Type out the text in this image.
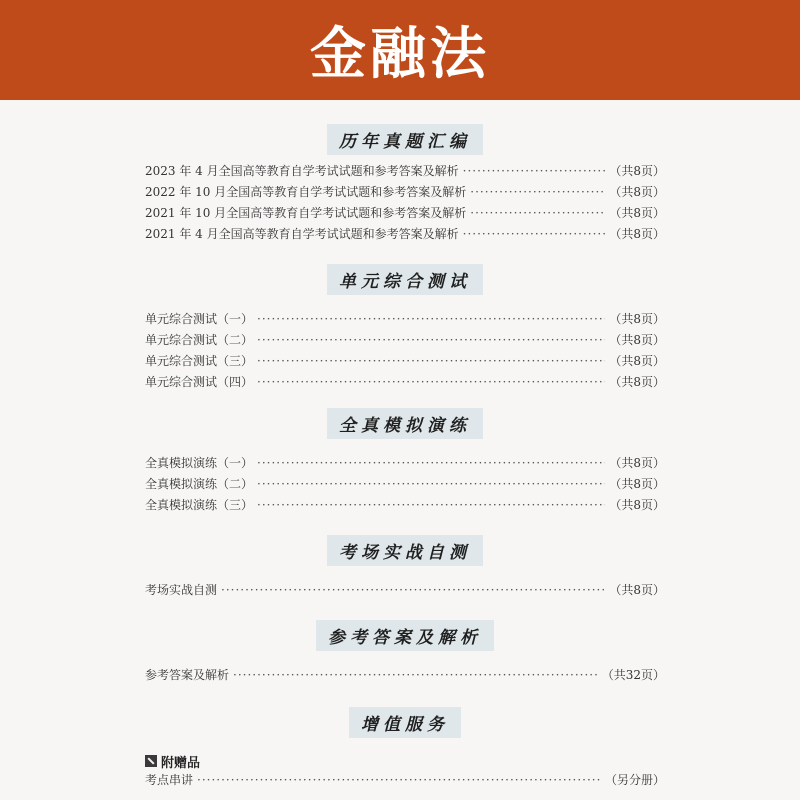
金融法
历年真题汇编
2023 年 4 月全国高等教育自学考试试题和参考答案及解析 ·····	（共8页）
2022 年 10 月全国高等教育自学考试试题和参考答案及解析 ·····	（共8页）
2021 年 10 月全国高等教育自学考试试题和参考答案及解析 ·····	（共8页）
2021 年 4 月全国高等教育自学考试试题和参考答案及解析 ·····	（共8页）
单元综合测试
单元综合测试（一） ·····	（共8页）
单元综合测试（二） ·····	（共8页）
单元综合测试（三） ·····	（共8页）
单元综合测试（四） ·····	（共8页）
全真模拟演练
全真模拟演练（一） ·····	（共8页）
全真模拟演练（二） ·····	（共8页）
全真模拟演练（三） ·····	（共8页）
考场实战自测
考场实战自测 ·····	（共8页）
参考答案及解析
参考答案及解析 ·····	（共32页）
增值服务
附赠品
考点串讲 ·····	（另分册）
